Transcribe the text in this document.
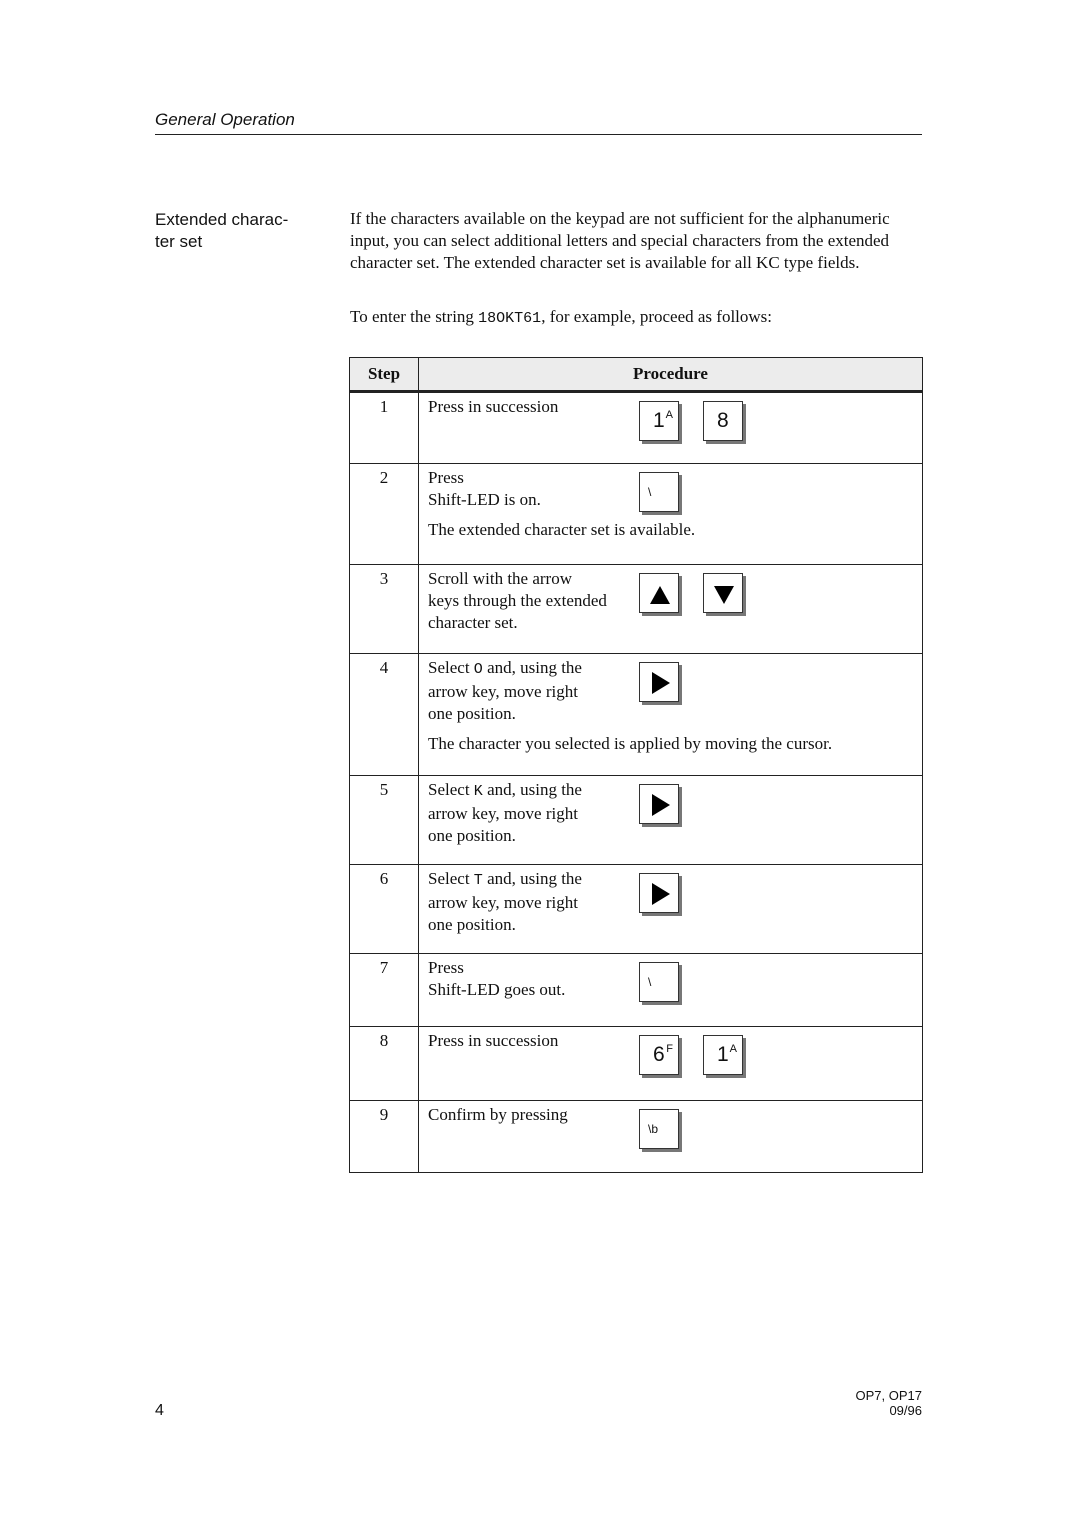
General Operation
Extended charac-
ter set
If the characters available on the keypad are not sufficient for the alphanumeric input, you can select additional letters and special characters from the extended character set. The extended character set is available for all KC type fields.
To enter the string 18OKT61, for example, proceed as follows:
Step	Procedure
1	Press in succession
1 A 8

2	Press
Shift-LED is on.
The extended character set is available.
\

3	Scroll with the arrow
keys through the extended
character set.

4	Select O and, using the
arrow key, move right
one position.
The character you selected is applied by moving the cursor.

5	Select K and, using the
arrow key, move right
one position.

6	Select T and, using the
arrow key, move right
one position.

7	Press
Shift-LED goes out. \

8	Press in succession
6 F 1 A

9	Confirm by pressing
\b
4
OP7, OP17
09/96
